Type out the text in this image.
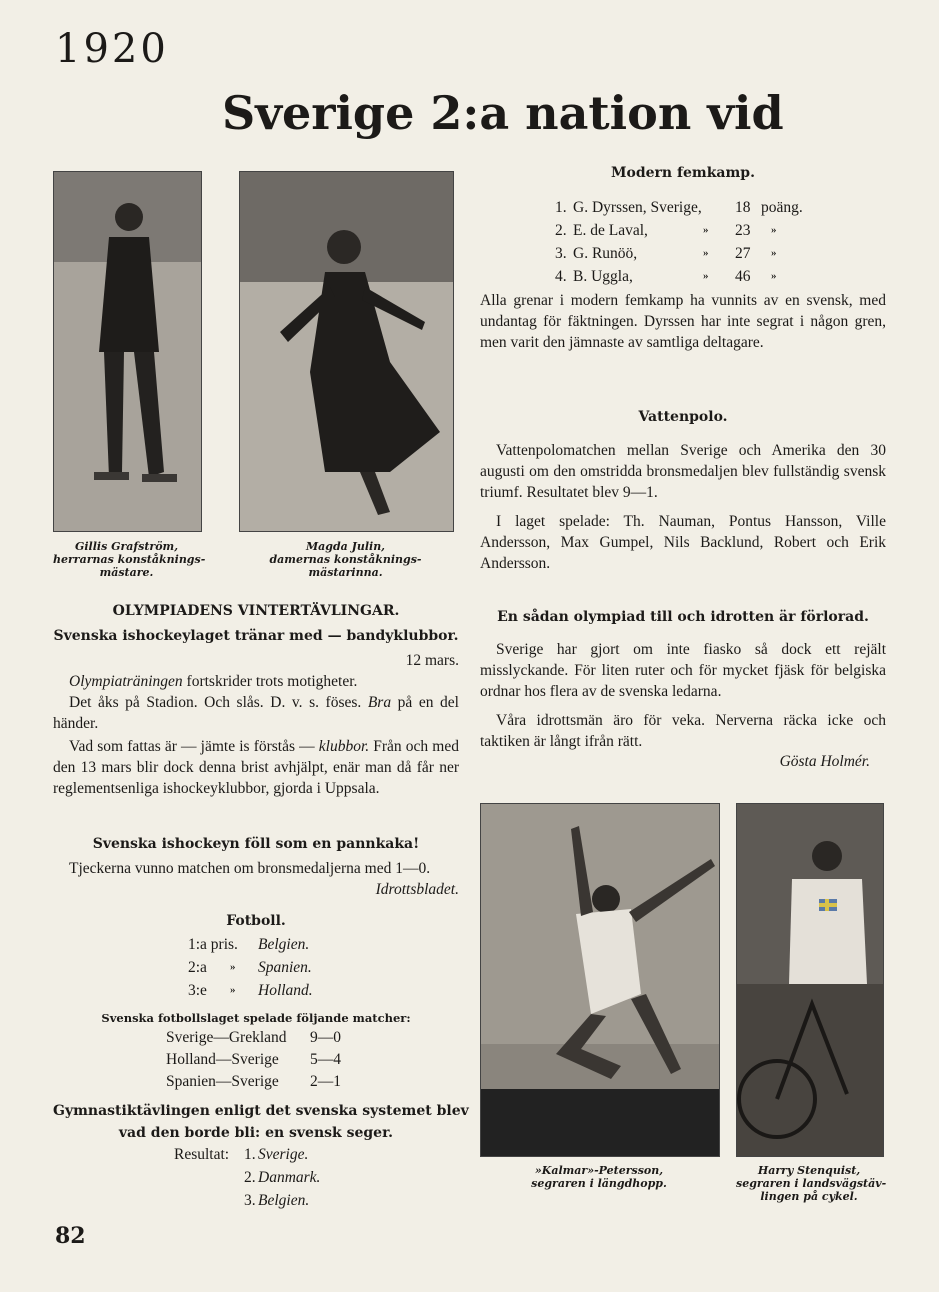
1920
Sverige 2:a nation vid
Gillis Grafström,
herrarnas konståknings-
mästare.
Magda Julin,
damernas konståknings-
mästarinna.
OLYMPIADENS VINTERTÄVLINGAR.
Svenska ishockeylaget tränar med — bandyklubbor.
12 mars.
Olympiaträningen fortskrider trots motigheter.
Det åks på Stadion. Och slås. D. v. s. föses. Bra på en del händer.
Vad som fattas är — jämte is förstås — klubbor. Från och med den 13 mars blir dock denna brist avhjälpt, enär man då får ner reglementsenliga ishockeyklubbor, gjorda i Uppsala.
Svenska ishockeyn föll som en pannkaka!
Tjeckerna vunno matchen om bronsmedaljerna med 1—0.
Idrottsbladet.
Fotboll.
1:a pris.	Belgien.
2:a	»	Spanien.
3:e	»	Holland.
Svenska fotbollslaget spelade följande matcher:
Sverige—Grekland	9—0
Holland—Sverige	5—4
Spanien—Sverige	2—1
Gymnastiktävlingen enligt det svenska systemet blev
vad den borde bli: en svensk seger.
Resultat: 1. Sverige.
2. Danmark.
3. Belgien.
Modern femkamp.
1. G. Dyrssen, Sverige, 18 poäng.
2. E. de Laval,	»	23	»
3. G. Runöö,	»	27	»
4. B. Uggla,	»	46	»
Alla grenar i modern femkamp ha vunnits av en svensk, med undantag för fäktningen. Dyrssen har inte segrat i någon gren, men varit den jämnaste av samtliga deltagare.
Vattenpolo.
Vattenpolomatchen mellan Sverige och Amerika den 30 augusti om den omstridda bronsmedaljen blev fullständig svensk triumf. Resultatet blev 9—1.
I laget spelade: Th. Nauman, Pontus Hansson, Ville Andersson, Max Gumpel, Nils Backlund, Robert och Erik Andersson.
En sådan olympiad till och idrotten är förlorad.
Sverige har gjort om inte fiasko så dock ett rejält misslyckande. För liten ruter och för mycket fjäsk för belgiska ordnar hos flera av de svenska ledarna.
Våra idrottsmän äro för veka. Nerverna räcka icke och taktiken är långt ifrån rätt.
Gösta Holmér.
»Kalmar»-Petersson,
segraren i längdhopp.
Harry Stenquist,
segraren i landsvägstäv-
lingen på cykel.
82
